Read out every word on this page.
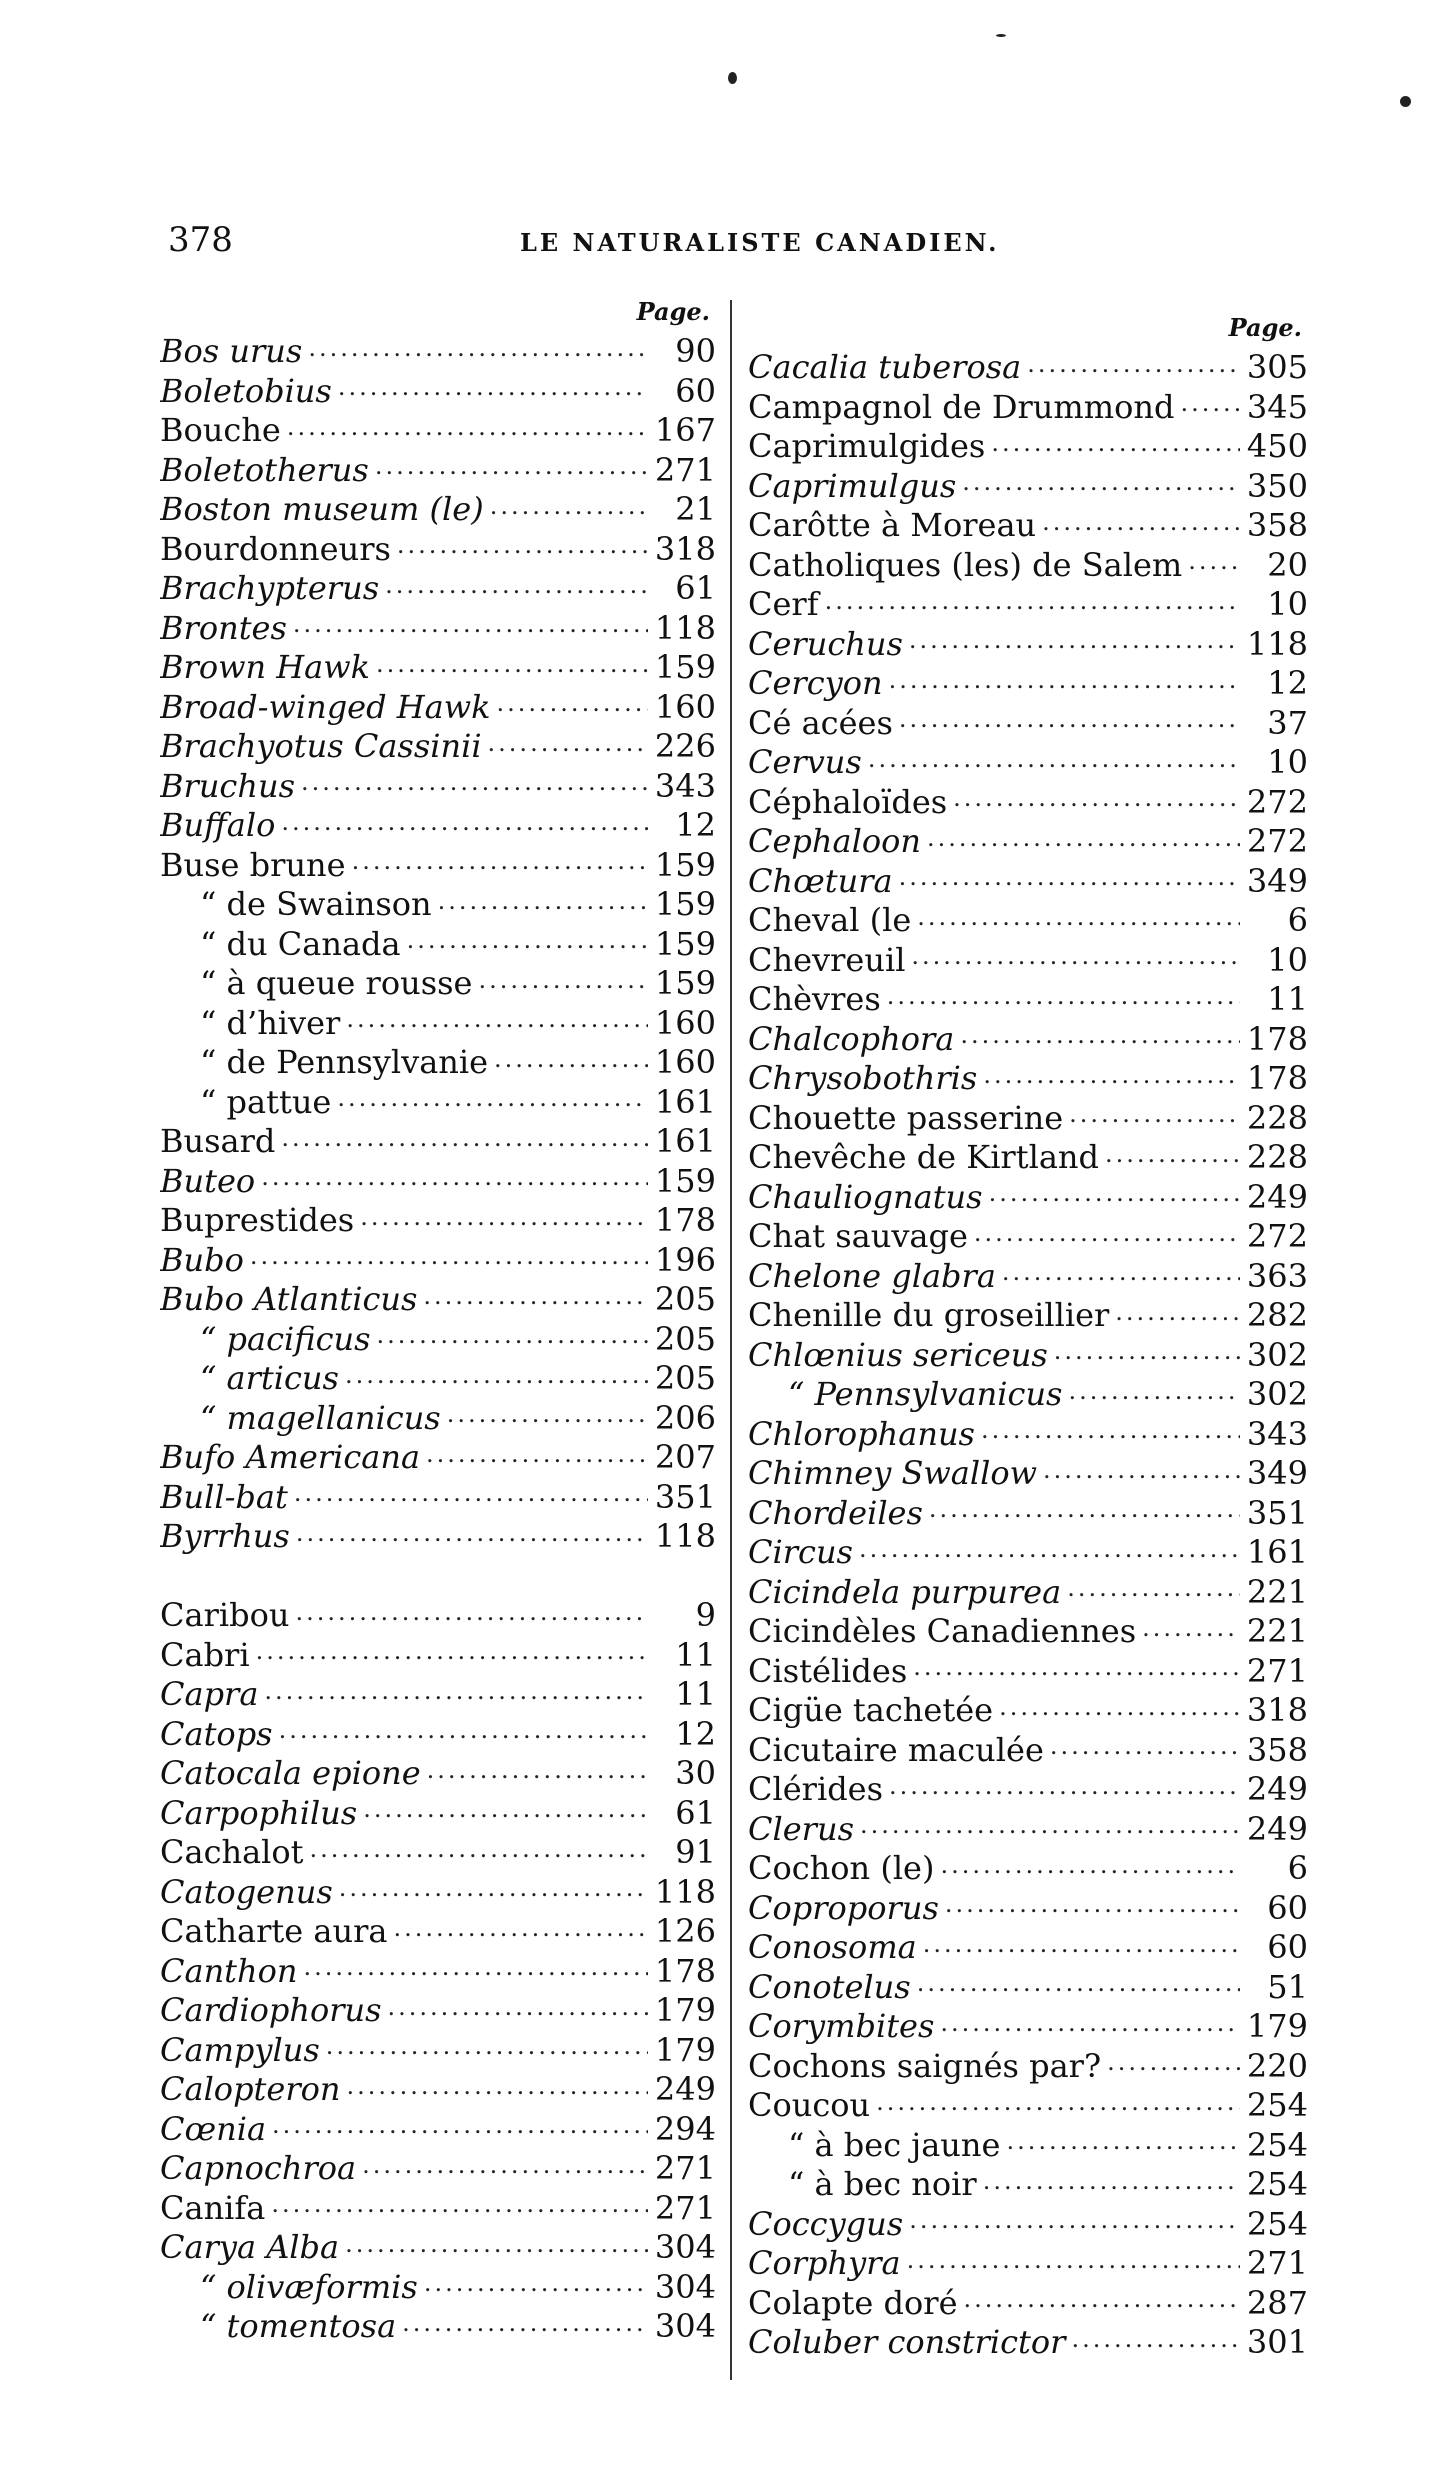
378	LE NATURALISTE CANADIEN.
Page.
Bos urus .....	90
Boletobius .....	60
Bouche .....	167
Boletotherus .....	271
Boston museum (le) .....	21
Bourdonneurs .....	318
Brachypterus .....	61
Brontes .....	118
Brown Hawk .....	159
Broad-winged Hawk .....	160
Brachyotus Cassinii .....	226
Bruchus .....	343
Buffalo .....	12
Buse brune .....	159
“ de Swainson .....	159
“ du Canada .....	159
“ à queue rousse .....	159
“ d’hiver .....	160
“ de Pennsylvanie .....	160
“ pattue .....	161
Busard .....	161
Buteo .....	159
Buprestides .....	178
Bubo .....	196
Bubo Atlanticus .....	205
“ pacificus .....	205
“ articus .....	205
“ magellanicus .....	206
Bufo Americana .....	207
Bull-bat .....	351
Byrrhus .....	118
Caribou .....	9
Cabri .....	11
Capra .....	11
Catops .....	12
Catocala epione .....	30
Carpophilus .....	61
Cachalot .....	91
Catogenus .....	118
Catharte aura .....	126
Canthon .....	178
Cardiophorus .....	179
Campylus .....	179
Calopteron .....	249
Cœnia .....	294
Capnochroa .....	271
Canifa .....	271
Carya Alba .....	304
“ olivæformis .....	304
“ tomentosa .....	304
Page.
Cacalia tuberosa .....	305
Campagnol de Drummond ..... 345
Caprimulgides .....	450
Caprimulgus .....	350
Carôtte à Moreau .....	358
Catholiques (les) de Salem .....	20
Cerf .....	10
Ceruchus .....	118
Cercyon .....	12
Cé acées .....	37
Cervus .....	10
Céphaloïdes .....	272
Cephaloon .....	272
Chœtura .....	349
Cheval (le .....	6
Chevreuil .....	10
Chèvres .....	11
Chalcophora .....	178
Chrysobothris .....	178
Chouette passerine .....	228
Chevêche de Kirtland .....	228
Chauliognatus .....	249
Chat sauvage .....	272
Chelone glabra .....	363
Chenille du groseillier .....	282
Chlœnius sericeus .....	302
“ Pennsylvanicus .....	302
Chlorophanus .....	343
Chimney Swallow .....	349
Chordeiles .....	351
Circus .....	161
Cicindela purpurea .....	221
Cicindèles Canadiennes .....	221
Cistélides .....	271
Cigüe tachetée .....	318
Cicutaire maculée .....	358
Clérides .....	249
Clerus .....	249
Cochon (le) .....	6
Coproporus .....	60
Conosoma .....	60
Conotelus .....	51
Corymbites .....	179
Cochons saignés par? .....	220
Coucou .....	254
“ à bec jaune .....	254
“ à bec noir .....	254
Coccygus .....	254
Corphyra .....	271
Colapte doré .....	287
Coluber constrictor .....	301
